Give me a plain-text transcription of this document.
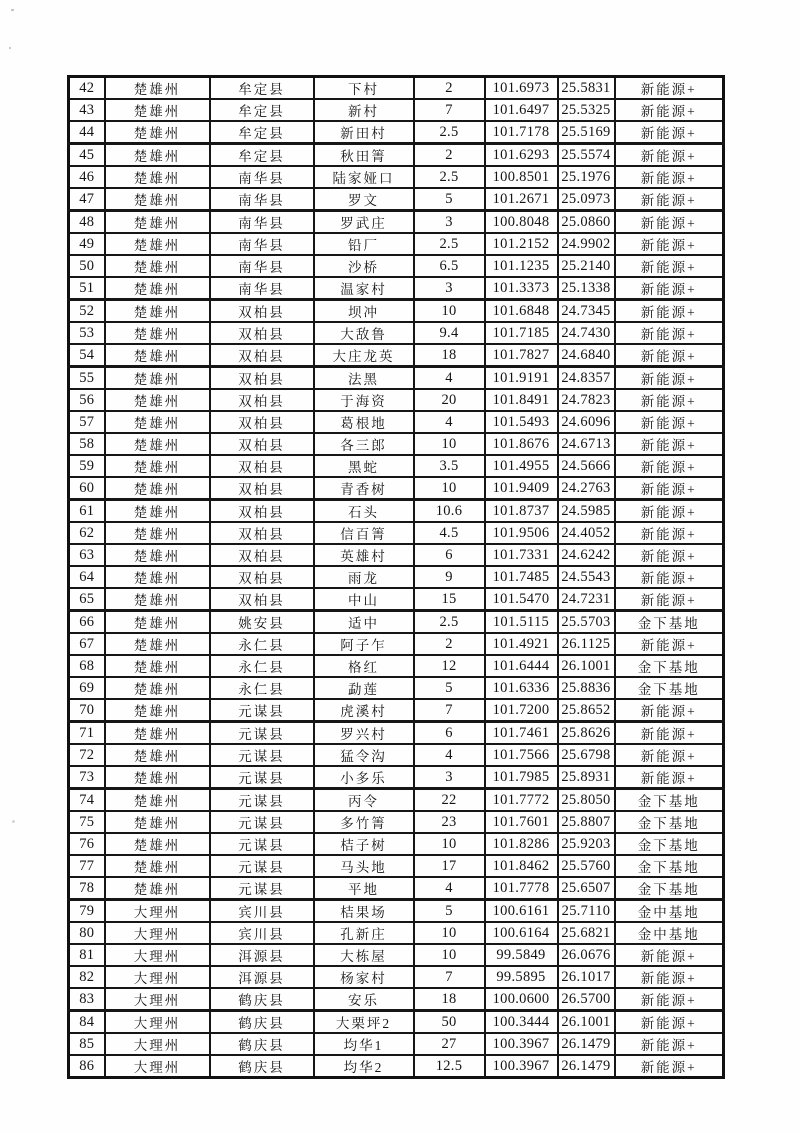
42	楚雄州	牟定县	下村	2	101.6973	25.5831	新能源+
43	楚雄州	牟定县	新村	7	101.6497	25.5325	新能源+
44	楚雄州	牟定县	新田村	2.5	101.7178	25.5169	新能源+
45	楚雄州	牟定县	秋田箐	2	101.6293	25.5574	新能源+
46	楚雄州	南华县	陆家娅口	2.5	100.8501	25.1976	新能源+
47	楚雄州	南华县	罗文	5	101.2671	25.0973	新能源+
48	楚雄州	南华县	罗武庄	3	100.8048	25.0860	新能源+
49	楚雄州	南华县	铅厂	2.5	101.2152	24.9902	新能源+
50	楚雄州	南华县	沙桥	6.5	101.1235	25.2140	新能源+
51	楚雄州	南华县	温家村	3	101.3373	25.1338	新能源+
52	楚雄州	双柏县	坝冲	10	101.6848	24.7345	新能源+
53	楚雄州	双柏县	大敌鲁	9.4	101.7185	24.7430	新能源+
54	楚雄州	双柏县	大庄龙英	18	101.7827	24.6840	新能源+
55	楚雄州	双柏县	法黑	4	101.9191	24.8357	新能源+
56	楚雄州	双柏县	于海资	20	101.8491	24.7823	新能源+
57	楚雄州	双柏县	葛根地	4	101.5493	24.6096	新能源+
58	楚雄州	双柏县	各三郎	10	101.8676	24.6713	新能源+
59	楚雄州	双柏县	黑蛇	3.5	101.4955	24.5666	新能源+
60	楚雄州	双柏县	青香树	10	101.9409	24.2763	新能源+
61	楚雄州	双柏县	石头	10.6	101.8737	24.5985	新能源+
62	楚雄州	双柏县	信百箐	4.5	101.9506	24.4052	新能源+
63	楚雄州	双柏县	英雄村	6	101.7331	24.6242	新能源+
64	楚雄州	双柏县	雨龙	9	101.7485	24.5543	新能源+
65	楚雄州	双柏县	中山	15	101.5470	24.7231	新能源+
66	楚雄州	姚安县	适中	2.5	101.5115	25.5703	金下基地
67	楚雄州	永仁县	阿子乍	2	101.4921	26.1125	新能源+
68	楚雄州	永仁县	格红	12	101.6444	26.1001	金下基地
69	楚雄州	永仁县	勐莲	5	101.6336	25.8836	金下基地
70	楚雄州	元谋县	虎溪村	7	101.7200	25.8652	新能源+
71	楚雄州	元谋县	罗兴村	6	101.7461	25.8626	新能源+
72	楚雄州	元谋县	猛令沟	4	101.7566	25.6798	新能源+
73	楚雄州	元谋县	小多乐	3	101.7985	25.8931	新能源+
74	楚雄州	元谋县	丙令	22	101.7772	25.8050	金下基地
75	楚雄州	元谋县	多竹箐	23	101.7601	25.8807	金下基地
76	楚雄州	元谋县	桔子树	10	101.8286	25.9203	金下基地
77	楚雄州	元谋县	马头地	17	101.8462	25.5760	金下基地
78	楚雄州	元谋县	平地	4	101.7778	25.6507	金下基地
79	大理州	宾川县	桔果场	5	100.6161	25.7110	金中基地
80	大理州	宾川县	孔新庄	10	100.6164	25.6821	金中基地
81	大理州	洱源县	大栋屋	10	99.5849	26.0676	新能源+
82	大理州	洱源县	杨家村	7	99.5895	26.1017	新能源+
83	大理州	鹤庆县	安乐	18	100.0600	26.5700	新能源+
84	大理州	鹤庆县	大栗坪2	50	100.3444	26.1001	新能源+
85	大理州	鹤庆县	均华1	27	100.3967	26.1479	新能源+
86	大理州	鹤庆县	均华2	12.5	100.3967	26.1479	新能源+
